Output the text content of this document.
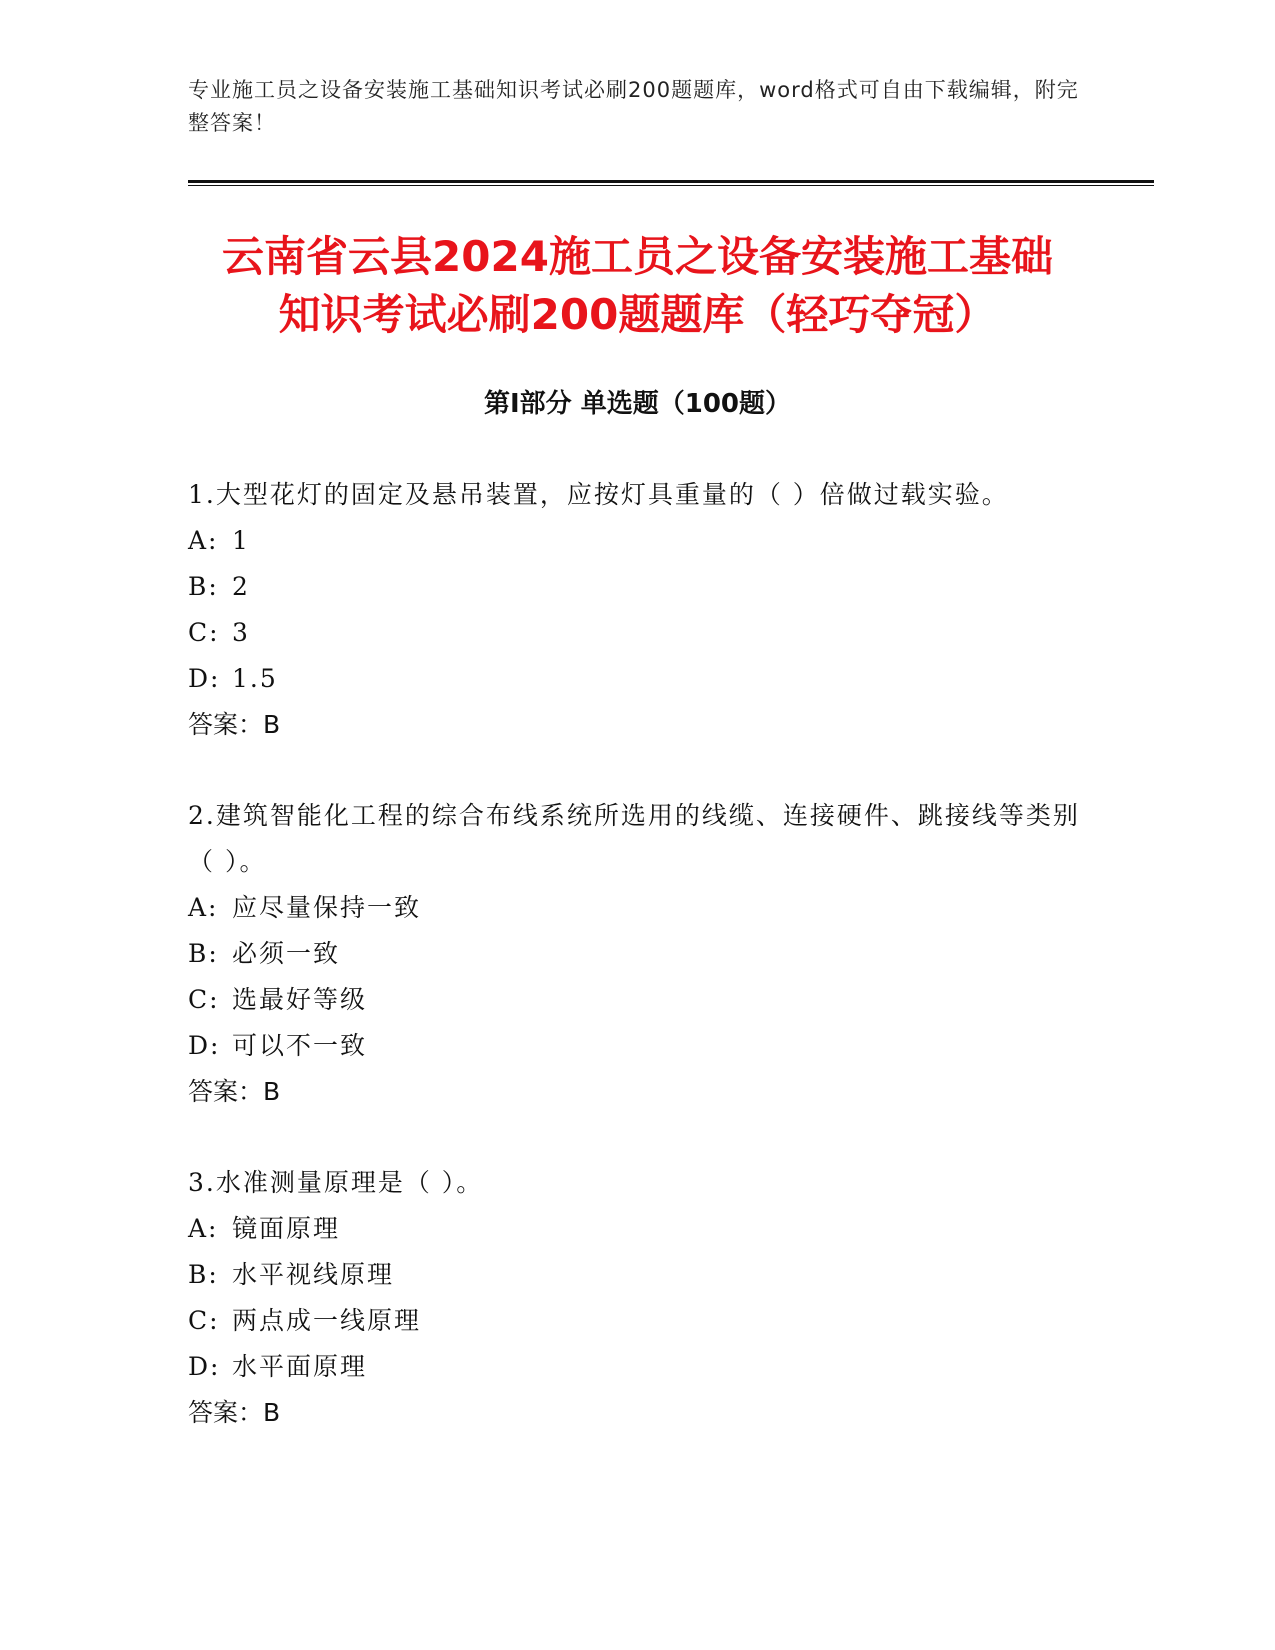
专业施工员之设备安装施工基础知识考试必刷200题题库，word格式可自由下载编辑，附完整答案！
云南省云县2024施工员之设备安装施工基础
知识考试必刷200题题库（轻巧夺冠）
第Ⅰ部分 单选题（100题）
1.大型花灯的固定及悬吊装置，应按灯具重量的（ ）倍做过载实验。
A: 1
B: 2
C: 3
D: 1.5
答案：B
2.建筑智能化工程的综合布线系统所选用的线缆、连接硬件、跳接线等类别（ ）。
A: 应尽量保持一致
B: 必须一致
C: 选最好等级
D: 可以不一致
答案：B
3.水准测量原理是（ ）。
A: 镜面原理
B: 水平视线原理
C: 两点成一线原理
D: 水平面原理
答案：B
